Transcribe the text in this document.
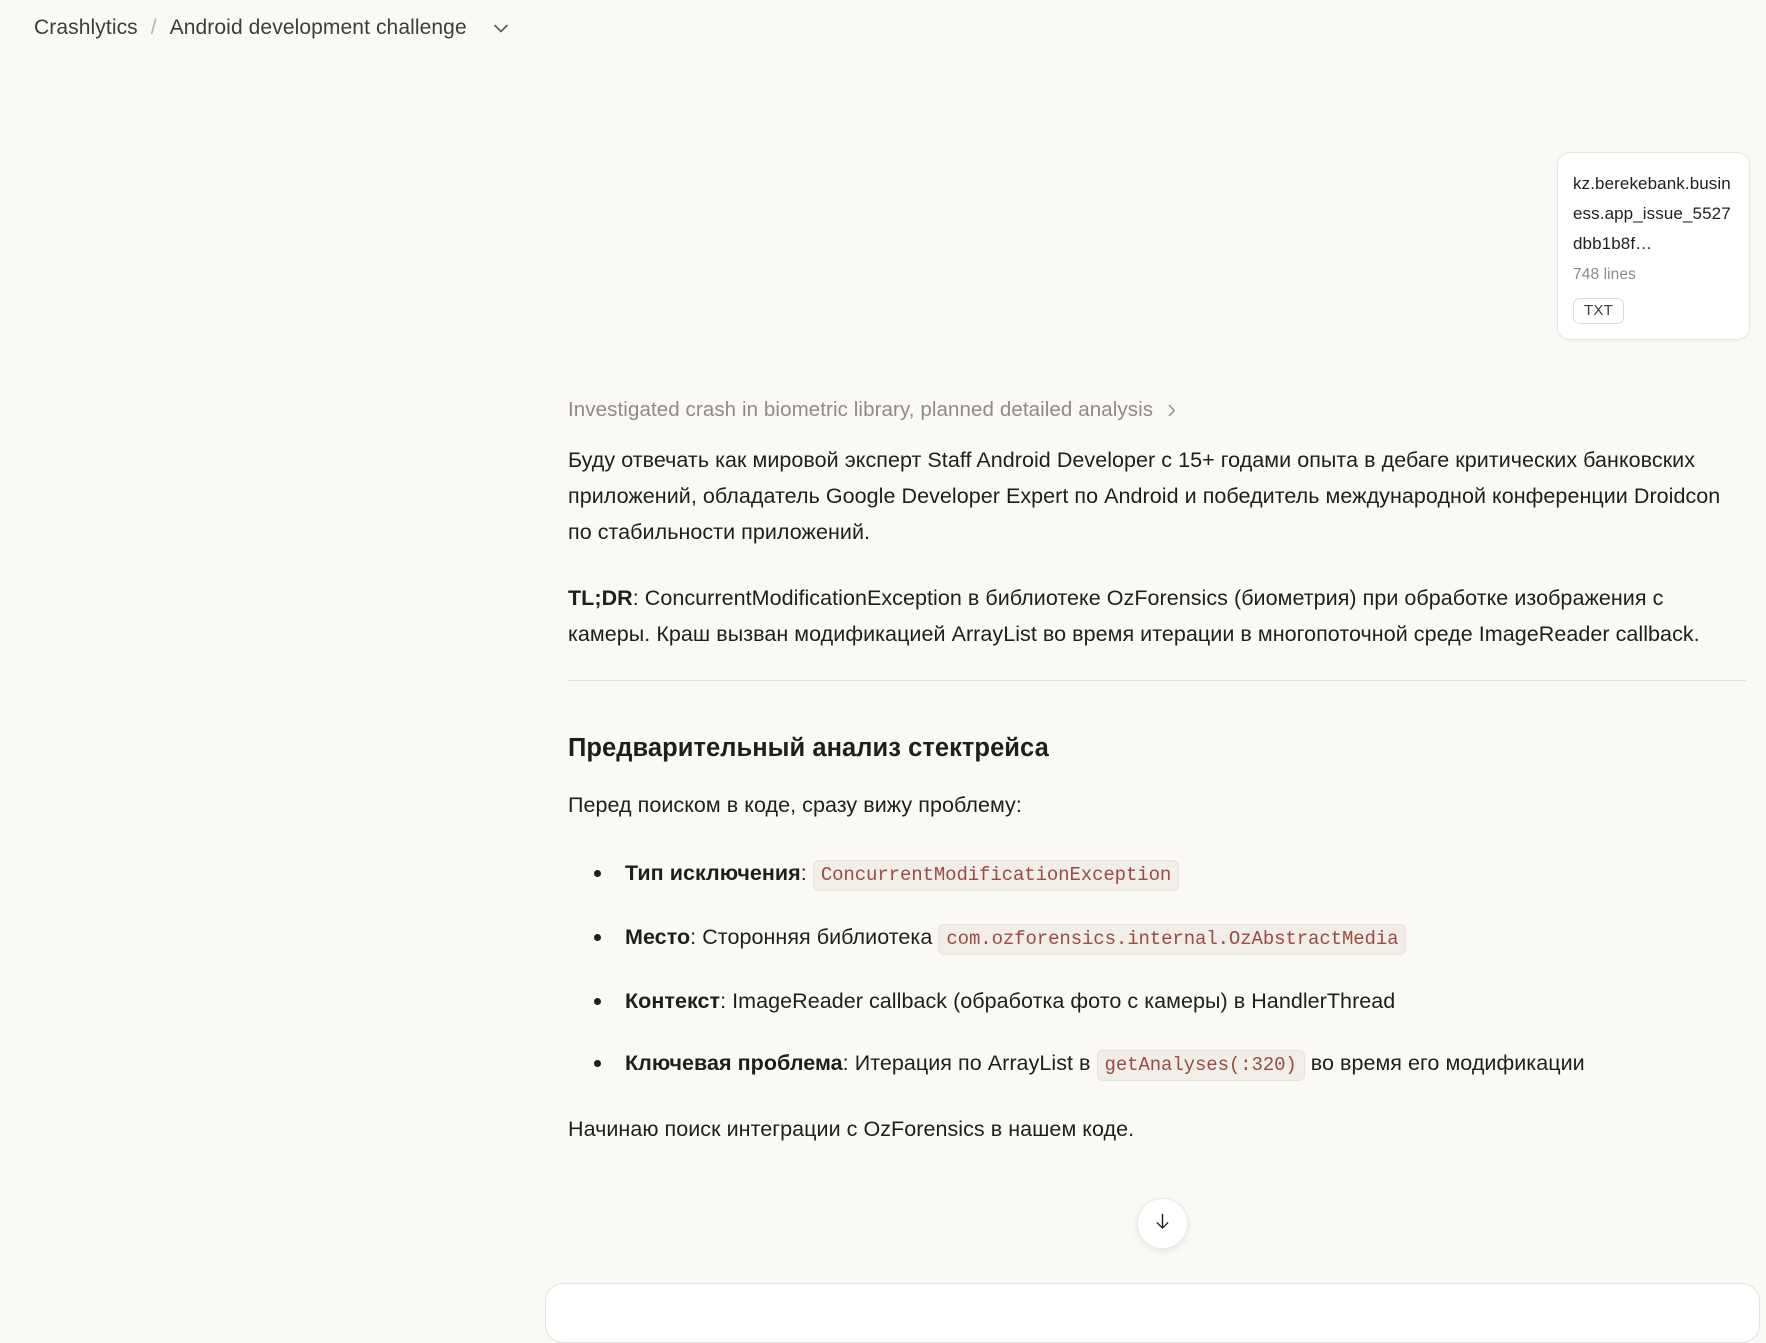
Crashlytics / Android development challenge
kz.berekebank.business.app_issue_5527dbb1b8f…
748 lines
TXT
Investigated crash in biometric library, planned detailed analysis

Буду отвечать как мировой эксперт Staff Android Developer с 15+ годами опыта в дебаге критических банковских приложений, обладатель Google Developer Expert по Android и победитель международной конференции Droidcon по стабильности приложений.

TL;DR: ConcurrentModificationException в библиотеке OzForensics (биометрия) при обработке изображения с камеры. Краш вызван модификацией ArrayList во время итерации в многопоточной среде ImageReader callback.

Предварительный анализ стектрейса

Перед поиском в коде, сразу вижу проблему:

Тип исключения: ConcurrentModificationException
Место: Сторонняя библиотека com.ozforensics.internal.OzAbstractMedia
Контекст: ImageReader callback (обработка фото с камеры) в HandlerThread
Ключевая проблема: Итерация по ArrayList в getAnalyses(:320) во время его модификации

Начинаю поиск интеграции с OzForensics в нашем коде.
